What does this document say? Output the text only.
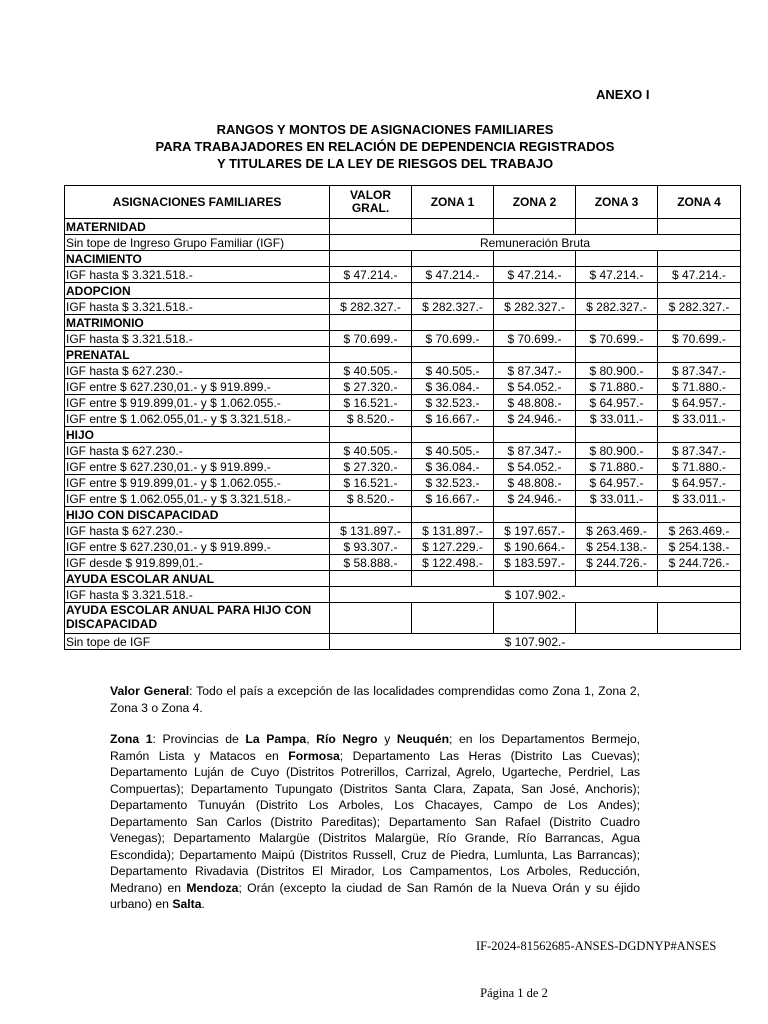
ANEXO I
RANGOS Y MONTOS DE ASIGNACIONES FAMILIARES
PARA TRABAJADORES EN RELACIÓN DE DEPENDENCIA REGISTRADOS
Y TITULARES DE LA LEY DE RIESGOS DEL TRABAJO
ASIGNACIONES FAMILIARES	VALOR GRAL.	ZONA 1	ZONA 2	ZONA 3	ZONA 4
MATERNIDAD					
Sin tope de Ingreso Grupo Familiar (IGF)	Remuneración Bruta				
NACIMIENTO					
IGF hasta $ 3.321.518.-	$ 47.214.-	$ 47.214.-	$ 47.214.-	$ 47.214.-	$ 47.214.-
ADOPCION					
IGF hasta $ 3.321.518.-	$ 282.327.-	$ 282.327.-	$ 282.327.-	$ 282.327.-	$ 282.327.-
MATRIMONIO					
IGF hasta $ 3.321.518.-	$ 70.699.-	$ 70.699.-	$ 70.699.-	$ 70.699.-	$ 70.699.-
PRENATAL					
IGF hasta $ 627.230.-	$ 40.505.-	$ 40.505.-	$ 87.347.-	$ 80.900.-	$ 87.347.-
IGF entre $ 627.230,01.- y $ 919.899.-	$ 27.320.-	$ 36.084.-	$ 54.052.-	$ 71.880.-	$ 71.880.-
IGF entre $ 919.899,01.- y $ 1.062.055.-	$ 16.521.-	$ 32.523.-	$ 48.808.-	$ 64.957.-	$ 64.957.-
IGF entre $ 1.062.055,01.- y $ 3.321.518.-	$ 8.520.-	$ 16.667.-	$ 24.946.-	$ 33.011.-	$ 33.011.-
HIJO					
IGF hasta $ 627.230.-	$ 40.505.-	$ 40.505.-	$ 87.347.-	$ 80.900.-	$ 87.347.-
IGF entre $ 627.230,01.- y $ 919.899.-	$ 27.320.-	$ 36.084.-	$ 54.052.-	$ 71.880.-	$ 71.880.-
IGF entre $ 919.899,01.- y $ 1.062.055.-	$ 16.521.-	$ 32.523.-	$ 48.808.-	$ 64.957.-	$ 64.957.-
IGF entre $ 1.062.055,01.- y $ 3.321.518.-	$ 8.520.-	$ 16.667.-	$ 24.946.-	$ 33.011.-	$ 33.011.-
HIJO CON DISCAPACIDAD					
IGF hasta $ 627.230.-	$ 131.897.-	$ 131.897.-	$ 197.657.-	$ 263.469.-	$ 263.469.-
IGF entre $ 627.230,01.- y $ 919.899.-	$ 93.307.-	$ 127.229.-	$ 190.664.-	$ 254.138.-	$ 254.138.-
IGF desde $ 919.899,01.-	$ 58.888.-	$ 122.498.-	$ 183.597.-	$ 244.726.-	$ 244.726.-
AYUDA ESCOLAR ANUAL					
IGF hasta $ 3.321.518.-	$ 107.902.-				
AYUDA ESCOLAR ANUAL PARA HIJO CON DISCAPACIDAD					
Sin tope de IGF	$ 107.902.-				

Valor General: Todo el país a excepción de las localidades comprendidas como Zona 1, Zona 2, Zona 3 o Zona 4.

Zona 1: Provincias de La Pampa, Río Negro y Neuquén; en los Departamentos Bermejo, Ramón Lista y Matacos en Formosa; Departamento Las Heras (Distrito Las Cuevas); Departamento Luján de Cuyo (Distritos Potrerillos, Carrizal, Agrelo, Ugarteche, Perdriel, Las Compuertas); Departamento Tupungato (Distritos Santa Clara, Zapata, San José, Anchoris); Departamento Tunuyán (Distrito Los Arboles, Los Chacayes, Campo de Los Andes); Departamento San Carlos (Distrito Pareditas); Departamento San Rafael (Distrito Cuadro Venegas); Departamento Malargüe (Distritos Malargüe, Río Grande, Río Barrancas, Agua Escondida); Departamento Maipú (Distritos Russell, Cruz de Piedra, Lumlunta, Las Barrancas); Departamento Rivadavia (Distritos El Mirador, Los Campamentos, Los Arboles, Reducción, Medrano) en Mendoza; Orán (excepto la ciudad de San Ramón de la Nueva Orán y su éjido urbano) en Salta.

IF-2024-81562685-ANSES-DGDNYP#ANSES
Página 1 de 2
